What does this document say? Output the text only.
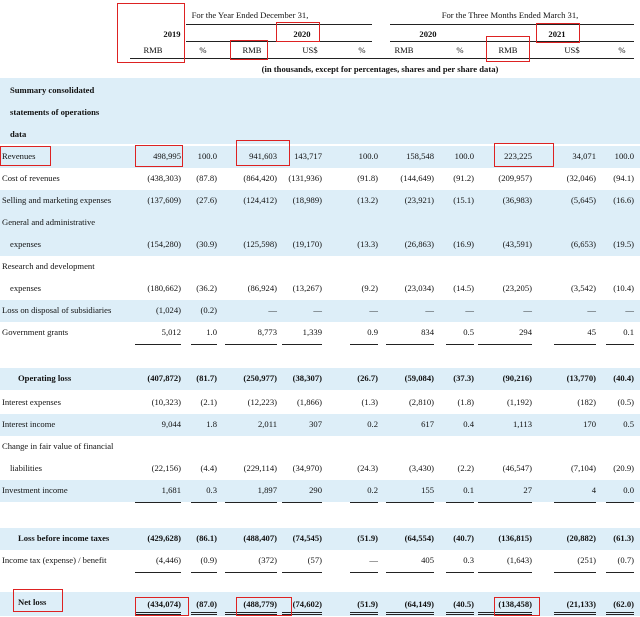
For the Year Ended December 31,	For the Three Months Ended March 31,
2019	2020	2020	2021
RMB	%	RMB	US$	%	RMB	%	RMB	US$	%
(in thousands, except for percentages, shares and per share data)
Summary consolidated
statements of operations
data
Revenues	498,995	100.0	941,603	143,717	100.0	158,548	100.0	223,225	34,071	100.0
Cost of revenues	(438,303)	(87.8)	(864,420)	(131,936)	(91.8)	(144,649)	(91.2)	(209,957)	(32,046)	(94.1)
Selling and marketing expenses	(137,609)	(27.6)	(124,412)	(18,989)	(13.2)	(23,921)	(15.1)	(36,983)	(5,645)	(16.6)
General and administrative
expenses	(154,280)	(30.9)	(125,598)	(19,170)	(13.3)	(26,863)	(16.9)	(43,591)	(6,653)	(19.5)
Research and development
expenses	(180,662)	(36.2)	(86,924)	(13,267)	(9.2)	(23,034)	(14.5)	(23,205)	(3,542)	(10.4)
Loss on disposal of subsidiaries	(1,024)	(0.2)	—	—	—	—	—	—	—	—
Government grants	5,012	1.0	8,773	1,339	0.9	834	0.5	294	45	0.1
Operating loss	(407,872)	(81.7)	(250,977)	(38,307)	(26.7)	(59,084)	(37.3)	(90,216)	(13,770)	(40.4)
Interest expenses	(10,323)	(2.1)	(12,223)	(1,866)	(1.3)	(2,810)	(1.8)	(1,192)	(182)	(0.5)
Interest income	9,044	1.8	2,011	307	0.2	617	0.4	1,113	170	0.5
Change in fair value of financial
liabilities	(22,156)	(4.4)	(229,114)	(34,970)	(24.3)	(3,430)	(2.2)	(46,547)	(7,104)	(20.9)
Investment income	1,681	0.3	1,897	290	0.2	155	0.1	27	4	0.0
Loss before income taxes	(429,628)	(86.1)	(488,407)	(74,545)	(51.9)	(64,554)	(40.7)	(136,815)	(20,882)	(61.3)
Income tax (expense) / benefit	(4,446)	(0.9)	(372)	(57)	—	405	0.3	(1,643)	(251)	(0.7)
Net loss	(434,074)	(87.0)	(488,779)	(74,602)	(51.9)	(64,149)	(40.5)	(138,458)	(21,133)	(62.0)
